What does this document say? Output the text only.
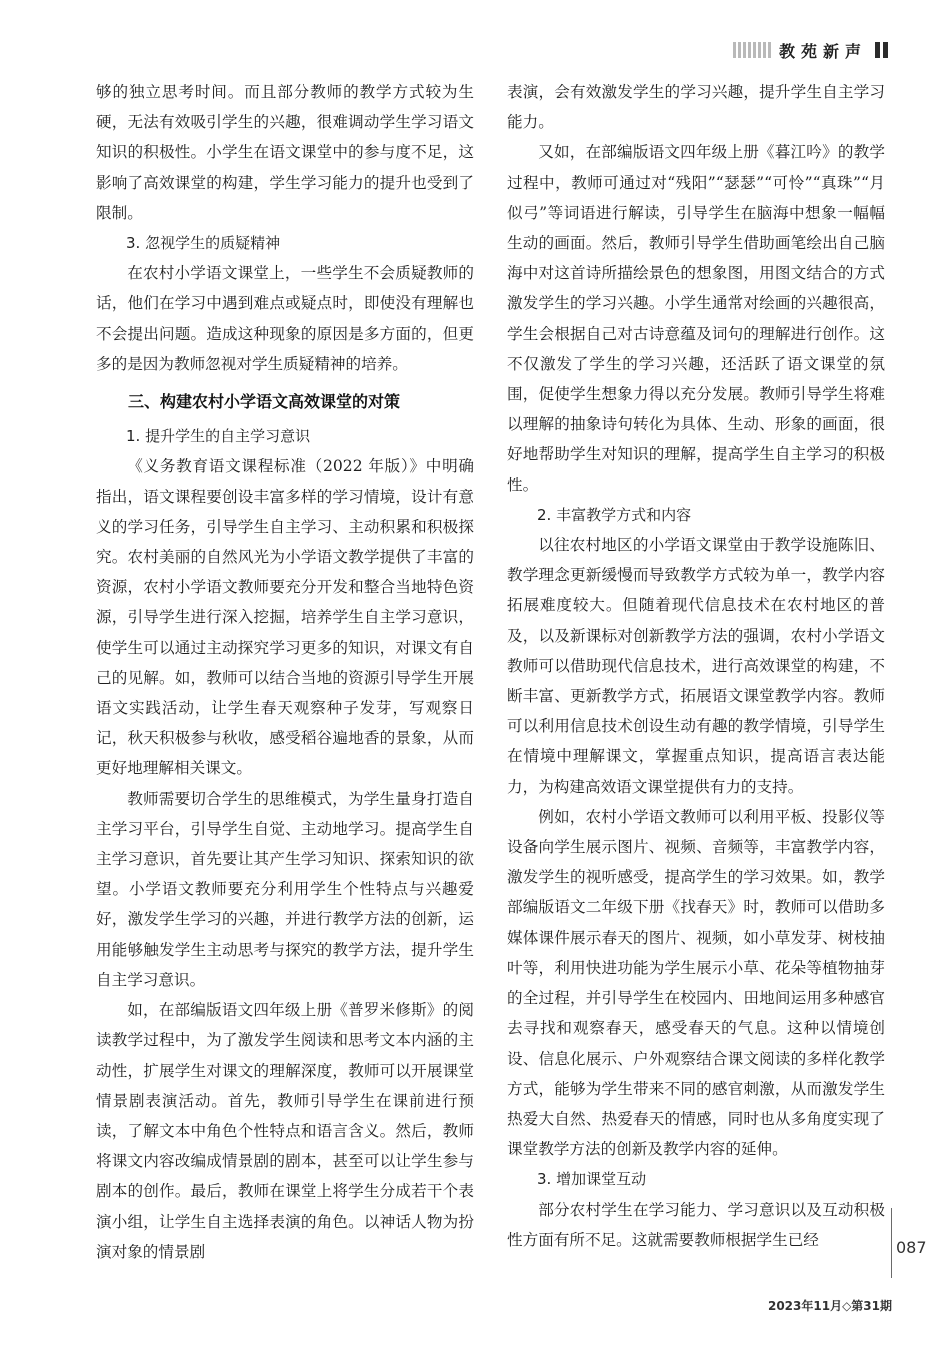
教苑新声

够的独立思考时间。而且部分教师的教学方式较为生硬，无法有效吸引学生的兴趣，很难调动学生学习语文知识的积极性。小学生在语文课堂中的参与度不足，这影响了高效课堂的构建，学生学习能力的提升也受到了限制。

3. 忽视学生的质疑精神

在农村小学语文课堂上，一些学生不会质疑教师的话，他们在学习中遇到难点或疑点时，即使没有理解也不会提出问题。造成这种现象的原因是多方面的，但更多的是因为教师忽视对学生质疑精神的培养。

三、构建农村小学语文高效课堂的对策

1. 提升学生的自主学习意识

《义务教育语文课程标准（2022 年版）》中明确指出，语文课程要创设丰富多样的学习情境，设计有意义的学习任务，引导学生自主学习、主动积累和积极探究。农村美丽的自然风光为小学语文教学提供了丰富的资源，农村小学语文教师要充分开发和整合当地特色资源，引导学生进行深入挖掘，培养学生自主学习意识，使学生可以通过主动探究学习更多的知识，对课文有自己的见解。如，教师可以结合当地的资源引导学生开展语文实践活动，让学生春天观察种子发芽，写观察日记，秋天积极参与秋收，感受稻谷遍地香的景象，从而更好地理解相关课文。

教师需要切合学生的思维模式，为学生量身打造自主学习平台，引导学生自觉、主动地学习。提高学生自主学习意识，首先要让其产生学习知识、探索知识的欲望。小学语文教师要充分利用学生个性特点与兴趣爱好，激发学生学习的兴趣，并进行教学方法的创新，运用能够触发学生主动思考与探究的教学方法，提升学生自主学习意识。

如，在部编版语文四年级上册《普罗米修斯》的阅读教学过程中，为了激发学生阅读和思考文本内涵的主动性，扩展学生对课文的理解深度，教师可以开展课堂情景剧表演活动。首先，教师引导学生在课前进行预读，了解文本中角色个性特点和语言含义。然后，教师将课文内容改编成情景剧的剧本，甚至可以让学生参与剧本的创作。最后，教师在课堂上将学生分成若干个表演小组，让学生自主选择表演的角色。以神话人物为扮演对象的情景剧

表演，会有效激发学生的学习兴趣，提升学生自主学习能力。

又如，在部编版语文四年级上册《暮江吟》的教学过程中，教师可通过对“残阳”“瑟瑟”“可怜”“真珠”“月似弓”等词语进行解读，引导学生在脑海中想象一幅幅生动的画面。然后，教师引导学生借助画笔绘出自己脑海中对这首诗所描绘景色的想象图，用图文结合的方式激发学生的学习兴趣。小学生通常对绘画的兴趣很高，学生会根据自己对古诗意蕴及词句的理解进行创作。这不仅激发了学生的学习兴趣，还活跃了语文课堂的氛围，促使学生想象力得以充分发展。教师引导学生将难以理解的抽象诗句转化为具体、生动、形象的画面，很好地帮助学生对知识的理解，提高学生自主学习的积极性。

2. 丰富教学方式和内容

以往农村地区的小学语文课堂由于教学设施陈旧、教学理念更新缓慢而导致教学方式较为单一，教学内容拓展难度较大。但随着现代信息技术在农村地区的普及，以及新课标对创新教学方法的强调，农村小学语文教师可以借助现代信息技术，进行高效课堂的构建，不断丰富、更新教学方式，拓展语文课堂教学内容。教师可以利用信息技术创设生动有趣的教学情境，引导学生在情境中理解课文，掌握重点知识，提高语言表达能力，为构建高效语文课堂提供有力的支持。

例如，农村小学语文教师可以利用平板、投影仪等设备向学生展示图片、视频、音频等，丰富教学内容，激发学生的视听感受，提高学生的学习效果。如，教学部编版语文二年级下册《找春天》时，教师可以借助多媒体课件展示春天的图片、视频，如小草发芽、树枝抽叶等，利用快进功能为学生展示小草、花朵等植物抽芽的全过程，并引导学生在校园内、田地间运用多种感官去寻找和观察春天，感受春天的气息。这种以情境创设、信息化展示、户外观察结合课文阅读的多样化教学方式，能够为学生带来不同的感官刺激，从而激发学生热爱大自然、热爱春天的情感，同时也从多角度实现了课堂教学方法的创新及教学内容的延伸。

3. 增加课堂互动

部分农村学生在学习能力、学习意识以及互动积极性方面有所不足。这就需要教师根据学生已经	087
2023年11月◇第31期
